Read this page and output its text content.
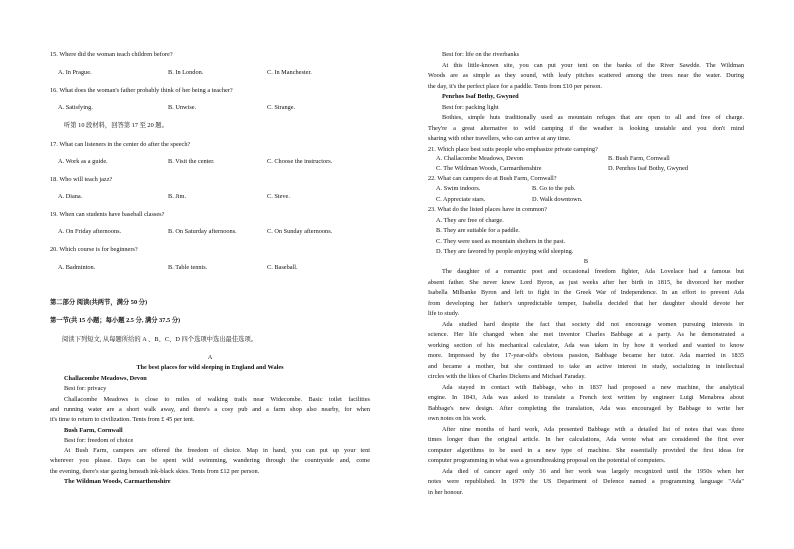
15. Where did the woman teach children before?
A. In Prague.	B. In London.	C. In Manchester.
16. What does the woman's father probably think of her being a teacher?
A. Satisfying.	B. Unwise.	C. Strange.
听第 10 段材料，回答第 17 至 20 题。
17. What can listeners in the center do after the speech?
A. Work as a guide.	B. Visit the center.	C. Choose the instructors.
18. Who will teach jazz?
A. Diana.	B. Jim.	C. Steve.
19. When can students have baseball classes?
A. On Friday afternoons.	B. On Saturday afternoons.	C. On Sunday afternoons.
20. Which course is for beginners?
A. Badminton.	B. Table tennis.	C. Baseball.
第二部分 阅读(共两节，满分 50 分)
第一节(共 15 小题；每小题 2.5 分, 满分 37.5 分)
阅读下列短文, 从每题所给的 A 、B、C、D 四个选项中选出最佳选项。
A
The best places for wild sleeping in England and Wales
Challacombe Meadows, Devon
Best for: privacy
Challacombe Meadows is close to miles of walking trails near Widecombe. Basic toilet facilities
and running water are a short walk away, and there's a cosy pub and a farm shop also nearby, for when
it's time to return to civilization. Tents from £ 45 per tent.
Bush Farm, Cornwall
Best for: freedom of choice
At Bush Farm, campers are offered the freedom of choice. Map in hand, you can put up your tent
wherever you please. Days can be spent wild swimming, wandering through the countryside and, come
the evening, there's star gazing beneath ink-black skies. Tents from £12 per person.
The Wildman Woods, Carmarthenshire
Best for: life on the riverbanks
At this little-known site, you can put your tent on the banks of the River Sawdde. The Wildman
Woods are as simple as they sound, with leafy pitches scattered among the trees near the water. During
the day, it's the perfect place for a paddle. Tents from £10 per person.
Penrhos Isaf Bothy, Gwyned
Best for: packing light
Bothies, simple huts traditionally used as mountain refuges that are open to all and free of charge.
They're a great alternative to wild camping if the weather is looking unstable and you don't mind
sharing with other travellers, who can arrive at any time.
21. Which place best suits people who emphasize private camping?
A. Challacombe Meadows, Devon	B. Bush Farm, Cornwall
C. The Wildman Woods, Carmarthenshire	D. Penrhos Isaf Bothy, Gwyned
22. What can campers do at Bush Farm, Cornwall?
A. Swim indoors.	B. Go to the pub.
C. Appreciate stars.	D. Walk downtown.
23. What do the listed places have in common?
A. They are free of charge.
B. They are suitable for a paddle.
C. They were used as mountain shelters in the past.
D. They are favored by people enjoying wild sleeping.
B
The daughter of a romantic poet and occasional freedom fighter, Ada Lovelace had a famous but
absent father. She never knew Lord Byron, as just weeks after her birth in 1815, he divorced her mother
Isabella Milbanke Byron and left to fight in the Greek War of Independence. In an effort to prevent Ada
from developing her father's unpredictable temper, Isabella decided that her daughter should devote her
life to study.
Ada studied hard despite the fact that society did not encourage women pursuing interests in
science. Her life changed when she met inventor Charles Babbage at a party. As he demonstrated a
working section of his mechanical calculator, Ada was taken in by how it worked and wanted to know
more. Impressed by the 17-year-old's obvious passion, Babbage became her tutor. Ada married in 1835
and became a mother, but she continued to take an active interest in study, socializing in intellectual
circles with the likes of Charles Dickens and Michael Faraday.
Ada stayed in contact with Babbage, who in 1837 had proposed a new machine, the analytical
engine. In 1843, Ada was asked to translate a French text written by engineer Luigi Menabrea about
Babbage's new design. After completing the translation, Ada was encouraged by Babbage to write her
own notes on his work.
After nine months of hard work, Ada presented Babbage with a detailed list of notes that was three
times longer than the original article. In her calculations, Ada wrote what are considered the first ever
computer algorithms to be used in a new type of machine. She essentially provided the first ideas for
computer programming in what was a groundbreaking proposal on the potential of computers.
Ada died of cancer aged only 36 and her work was largely recognized until the 1950s when her
notes were republished. In 1979 the US Department of Defence named a programming language "Ada"
in her honour.
